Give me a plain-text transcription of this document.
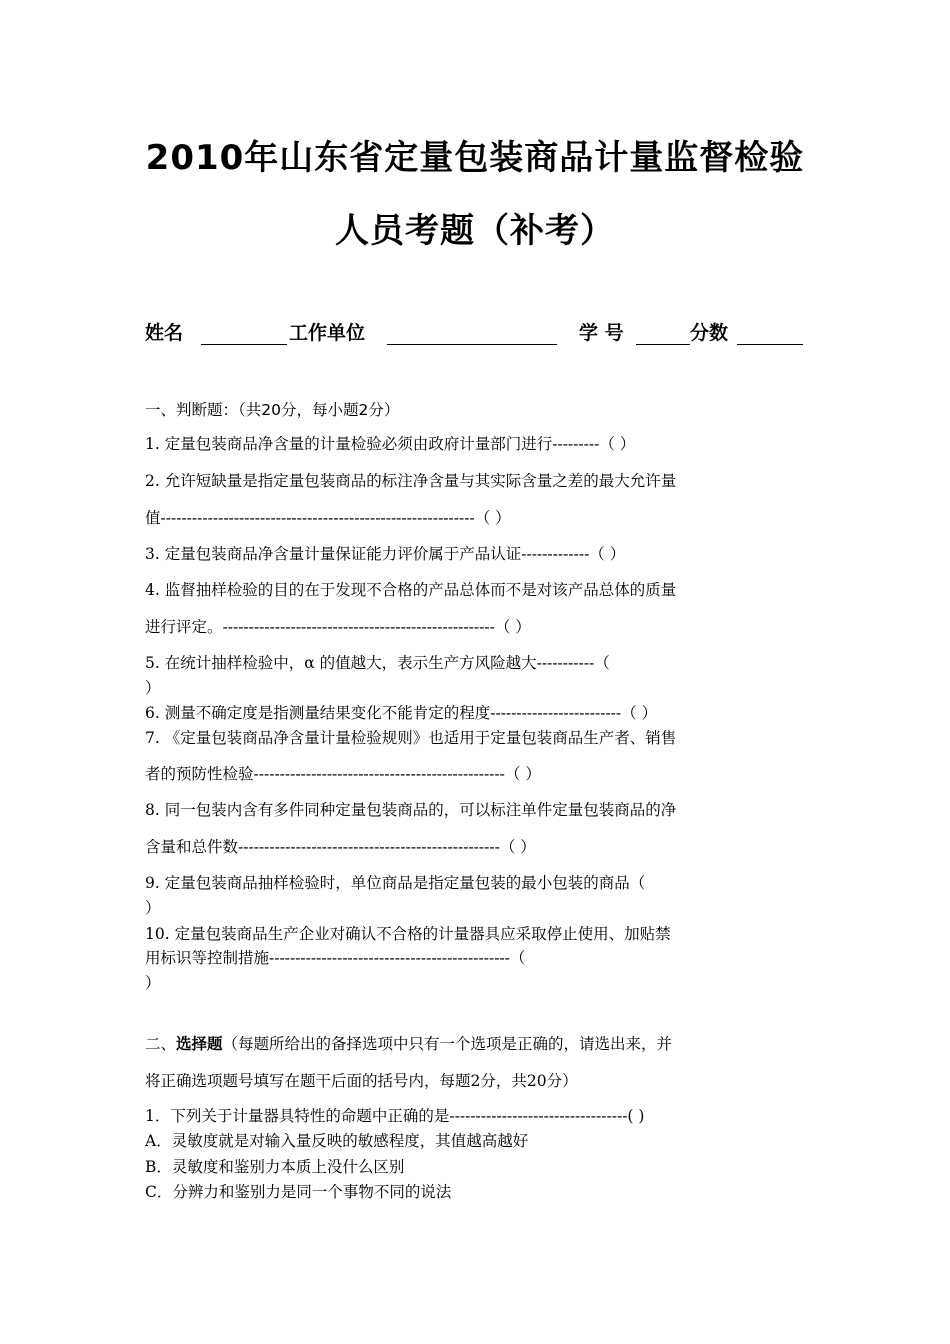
2010年山东省定量包装商品计量监督检验
人员考题（补考）
姓名	工作单位	学 号	分数
一、判断题：（共20分，每小题2分）
1. 定量包装商品净含量的计量检验必须由政府计量部门进行---------（ ）
2. 允许短缺量是指定量包装商品的标注净含量与其实际含量之差的最大允许量
值------------------------------------------------------------（ ）
3. 定量包装商品净含量计量保证能力评价属于产品认证-------------（ ）
4. 监督抽样检验的目的在于发现不合格的产品总体而不是对该产品总体的质量
进行评定。----------------------------------------------------（ ）
5. 在统计抽样检验中，α 的值越大，表示生产方风险越大-----------（
）
6. 测量不确定度是指测量结果变化不能肯定的程度-------------------------（ ）
7. 《定量包装商品净含量计量检验规则》也适用于定量包装商品生产者、销售
者的预防性检验------------------------------------------------（ ）
8. 同一包装内含有多件同种定量包装商品的，可以标注单件定量包装商品的净
含量和总件数--------------------------------------------------（ ）
9. 定量包装商品抽样检验时，单位商品是指定量包装的最小包装的商品（
）
10. 定量包装商品生产企业对确认不合格的计量器具应采取停止使用、加贴禁
用标识等控制措施----------------------------------------------（
）
二、选择题（每题所给出的备择选项中只有一个选项是正确的，请选出来，并
将正确选项题号填写在题干后面的括号内，每题2分，共20分）
1．下列关于计量器具特性的命题中正确的是----------------------------------( )
A．灵敏度就是对输入量反映的敏感程度，其值越高越好
B．灵敏度和鉴别力本质上没什么区别
C．分辨力和鉴别力是同一个事物不同的说法
